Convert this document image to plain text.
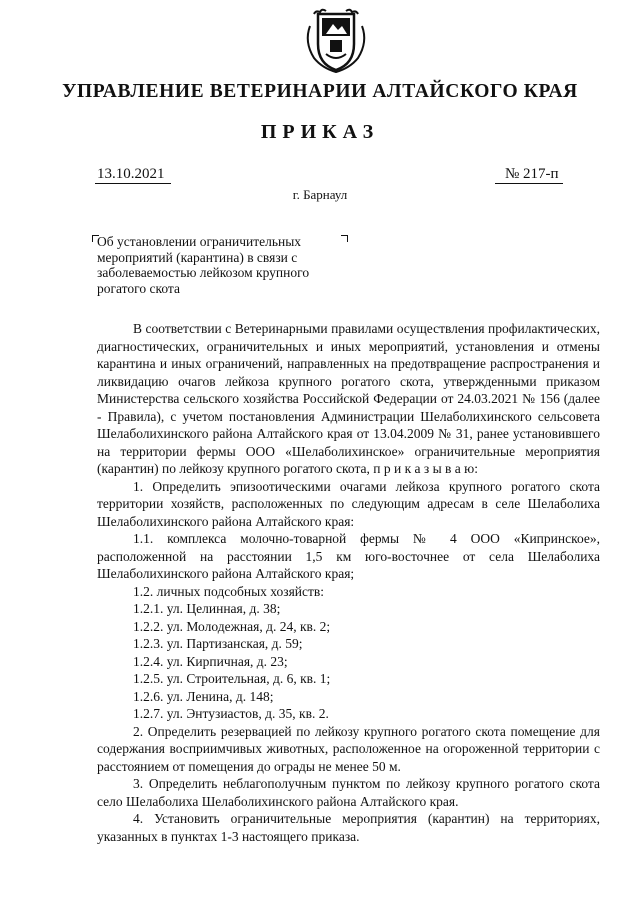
УПРАВЛЕНИЕ ВЕТЕРИНАРИИ АЛТАЙСКОГО КРАЯ
ПРИКАЗ
13.10.2021	№ 217-п
г. Барнаул
Об установлении ограничительных мероприятий (карантина) в связи с заболеваемостью лейкозом крупного рогатого скота

В соответствии с Ветеринарными правилами осуществления профилактических, диагностических, ограничительных и иных мероприятий, установления и отмены карантина и иных ограничений, направленных на предотвращение распространения и ликвидацию очагов лейкоза крупного рогатого скота, утвержденными приказом Министерства сельского хозяйства Российской Федерации от 24.03.2021 № 156 (далее - Правила), с учетом постановления Администрации Шелаболихинского сельсовета Шелаболихинского района Алтайского края от 13.04.2009 № 31, ранее установившего на территории фермы ООО «Шелаболихинское» ограничительные мероприятия (карантин) по лейкозу крупного рогатого скота, п р и к а з ы в а ю:

1. Определить эпизоотическими очагами лейкоза крупного рогатого скота территории хозяйств, расположенных по следующим адресам в селе Шелаболиха Шелаболихинского района Алтайского края:

1.1. комплекса молочно-товарной фермы № 4 ООО «Кипринское», расположенной на расстоянии 1,5 км юго-восточнее от села Шелаболиха Шелаболихинского района Алтайского края;

1.2. личных подсобных хозяйств:

1.2.1. ул. Целинная, д. 38;

1.2.2. ул. Молодежная, д. 24, кв. 2;

1.2.3. ул. Партизанская, д. 59;

1.2.4. ул. Кирпичная, д. 23;

1.2.5. ул. Строительная, д. 6, кв. 1;

1.2.6. ул. Ленина, д. 148;

1.2.7. ул. Энтузиастов, д. 35, кв. 2.

2. Определить резервацией по лейкозу крупного рогатого скота помещение для содержания восприимчивых животных, расположенное на огороженной территории с расстоянием от помещения до ограды не менее 50 м.

3. Определить неблагополучным пунктом по лейкозу крупного рогатого скота село Шелаболиха Шелаболихинского района Алтайского края.

4. Установить ограничительные мероприятия (карантин) на территориях, указанных в пунктах 1-3 настоящего приказа.
